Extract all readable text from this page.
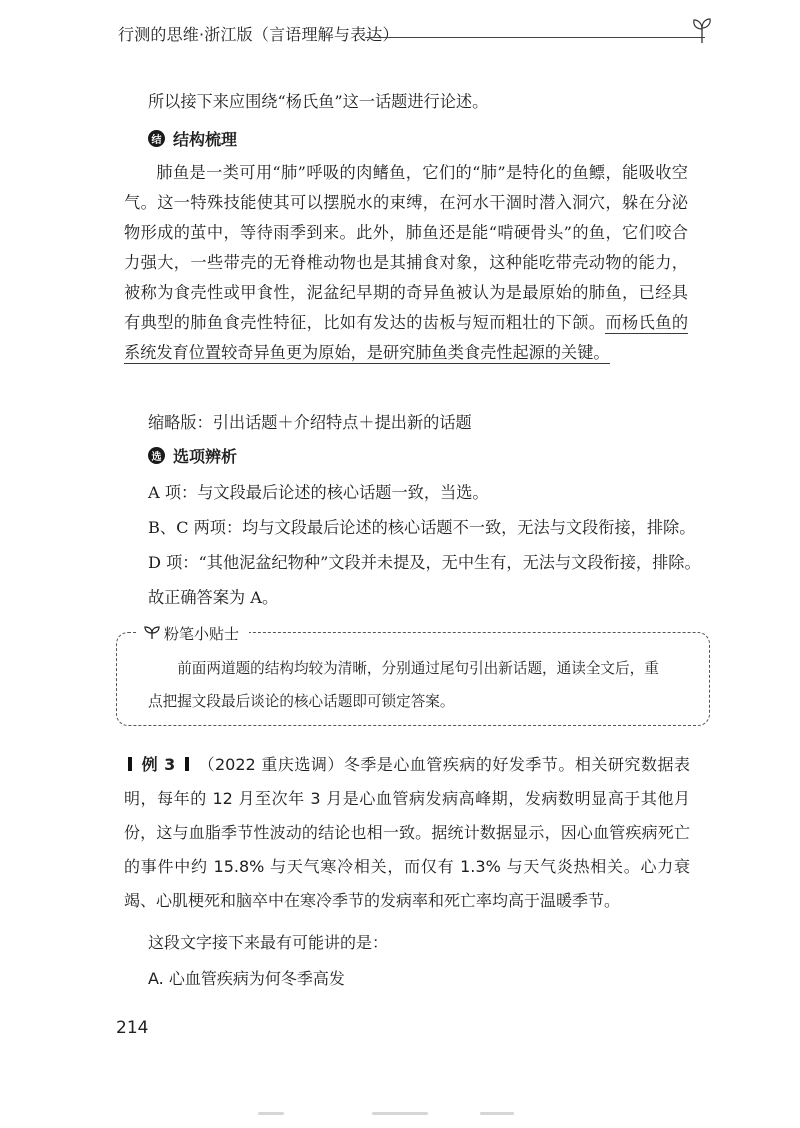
行测的思维·浙江版（言语理解与表达）
所以接下来应围绕“杨氏鱼”这一话题进行论述。
结 结构梳理

肺鱼是一类可用“肺”呼吸的肉鳍鱼，它们的“肺”是特化的鱼鳔，能吸收空气。这一特殊技能使其可以摆脱水的束缚，在河水干涸时潜入洞穴，躲在分泌物形成的茧中，等待雨季到来。此外，肺鱼还是能“啃硬骨头”的鱼，它们咬合力强大，一些带壳的无脊椎动物也是其捕食对象，这种能吃带壳动物的能力，被称为食壳性或甲食性，泥盆纪早期的奇异鱼被认为是最原始的肺鱼，已经具有典型的肺鱼食壳性特征，比如有发达的齿板与短而粗壮的下颌。而杨氏鱼的系统发育位置较奇异鱼更为原始，是研究肺鱼类食壳性起源的关键。

缩略版：引出话题＋介绍特点＋提出新的话题
选 选项辨析
A 项：与文段最后论述的核心话题一致，当选。
B、C 两项：均与文段最后论述的核心话题不一致，无法与文段衔接，排除。
D 项：“其他泥盆纪物种”文段并未提及，无中生有，无法与文段衔接，排除。
故正确答案为 A。
粉笔小贴士

前面两道题的结构均较为清晰，分别通过尾句引出新话题，通读全文后，重点把握文段最后谈论的核心话题即可锁定答案。

例 3 （2022 重庆选调）冬季是心血管疾病的好发季节。相关研究数据表明，每年的 12 月至次年 3 月是心血管病发病高峰期，发病数明显高于其他月份，这与血脂季节性波动的结论也相一致。据统计数据显示，因心血管疾病死亡的事件中约 15.8% 与天气寒冷相关，而仅有 1.3% 与天气炎热相关。心力衰竭、心肌梗死和脑卒中在寒冷季节的发病率和死亡率均高于温暖季节。

这段文字接下来最有可能讲的是：
A. 心血管疾病为何冬季高发
214
